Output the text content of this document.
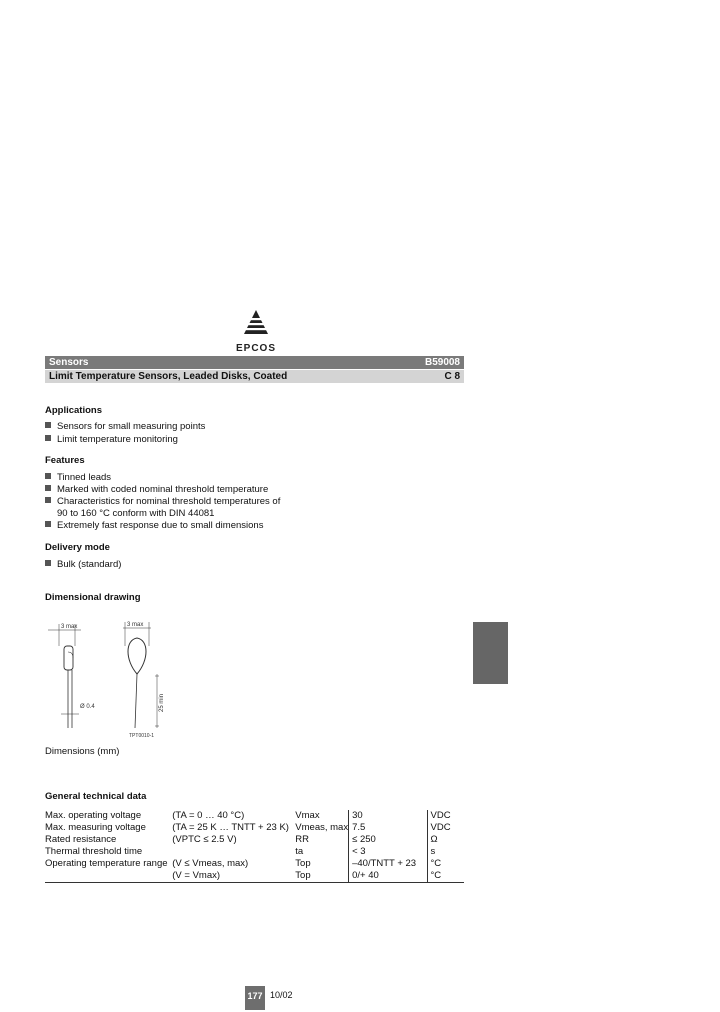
EPCOS
Sensors	B59008
Limit Temperature Sensors, Leaded Disks, Coated	C 8
Applications
Sensors for small measuring points
Limit temperature monitoring
Features
Tinned leads
Marked with coded nominal threshold temperature
Characteristics for nominal threshold temperatures of
90 to 160 °C conform with DIN 44081
Extremely fast response due to small dimensions
Delivery mode
Bulk (standard)
Dimensional drawing
3 max
Ø 0.4
3 max
25 min
TPT0010-1
Dimensions (mm)
General technical data
Max. operating voltage	(TA = 0 … 40 °C)	Vmax	30	VDC
Max. measuring voltage	(TA = 25 K … TNTT + 23 K)	Vmeas, max	7.5	VDC
Rated resistance	(VPTC ≤ 2.5 V)	RR	≤ 250	Ω
Thermal threshold time		ta	< 3	s
Operating temperature range	(V ≤ Vmeas, max)	Top	–40/TNTT + 23	°C
	(V = Vmax)	Top	0/+ 40	°C
177 10/02
